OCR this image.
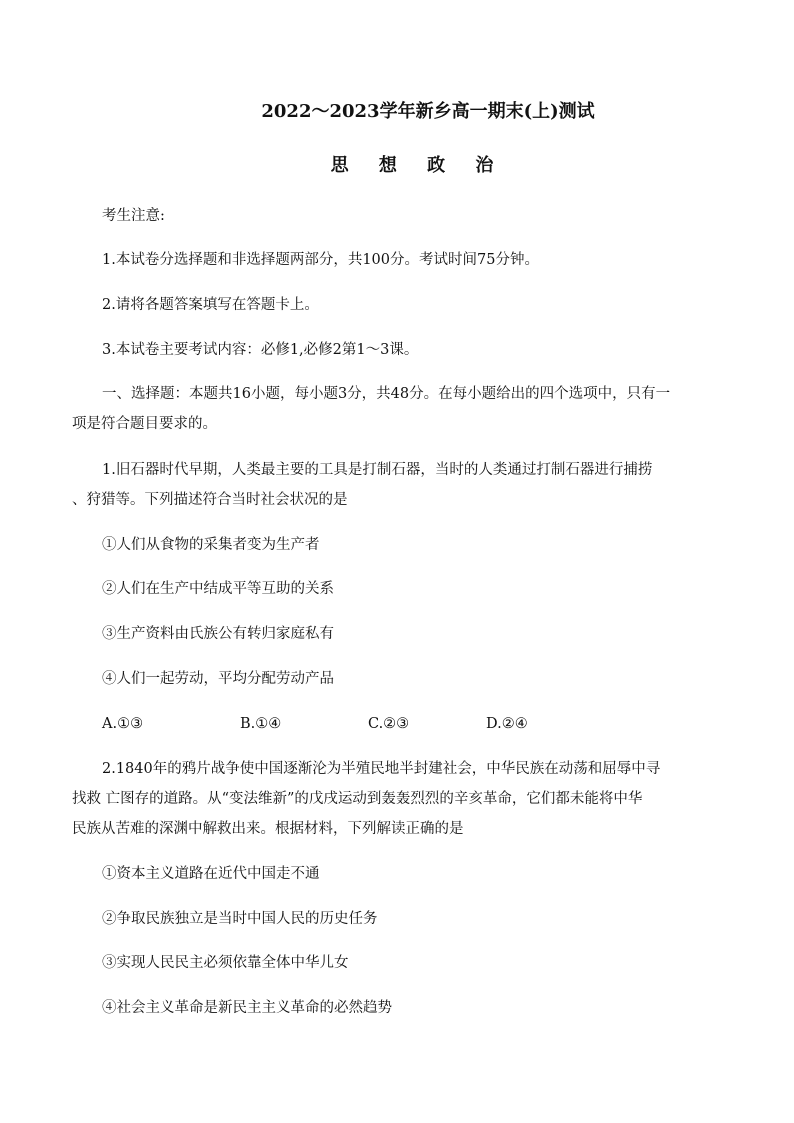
2022～2023学年新乡高一期末(上)测试
思 想 政 治
考生注意:
1.本试卷分选择题和非选择题两部分，共100分。考试时间75分钟。
2.请将各题答案填写在答题卡上。
3.本试卷主要考试内容：必修1,必修2第1～3课。
一、选择题：本题共16小题，每小题3分，共48分。在每小题给出的四个选项中，只有一
项是符合题目要求的。
1.旧石器时代早期，人类最主要的工具是打制石器，当时的人类通过打制石器进行捕捞
、狩猎等。下列描述符合当时社会状况的是
①人们从食物的采集者变为生产者
②人们在生产中结成平等互助的关系
③生产资料由氏族公有转归家庭私有
④人们一起劳动，平均分配劳动产品
A.①③	B.①④	C.②③	D.②④
2.1840年的鸦片战争使中国逐渐沦为半殖民地半封建社会，中华民族在动荡和屈辱中寻
找救 亡图存的道路。从“变法维新”的戊戌运动到轰轰烈烈的辛亥革命，它们都未能将中华
民族从苦难的深渊中解救出来。根据材料，下列解读正确的是
①资本主义道路在近代中国走不通
②争取民族独立是当时中国人民的历史任务
③实现人民民主必须依靠全体中华儿女
④社会主义革命是新民主主义革命的必然趋势
